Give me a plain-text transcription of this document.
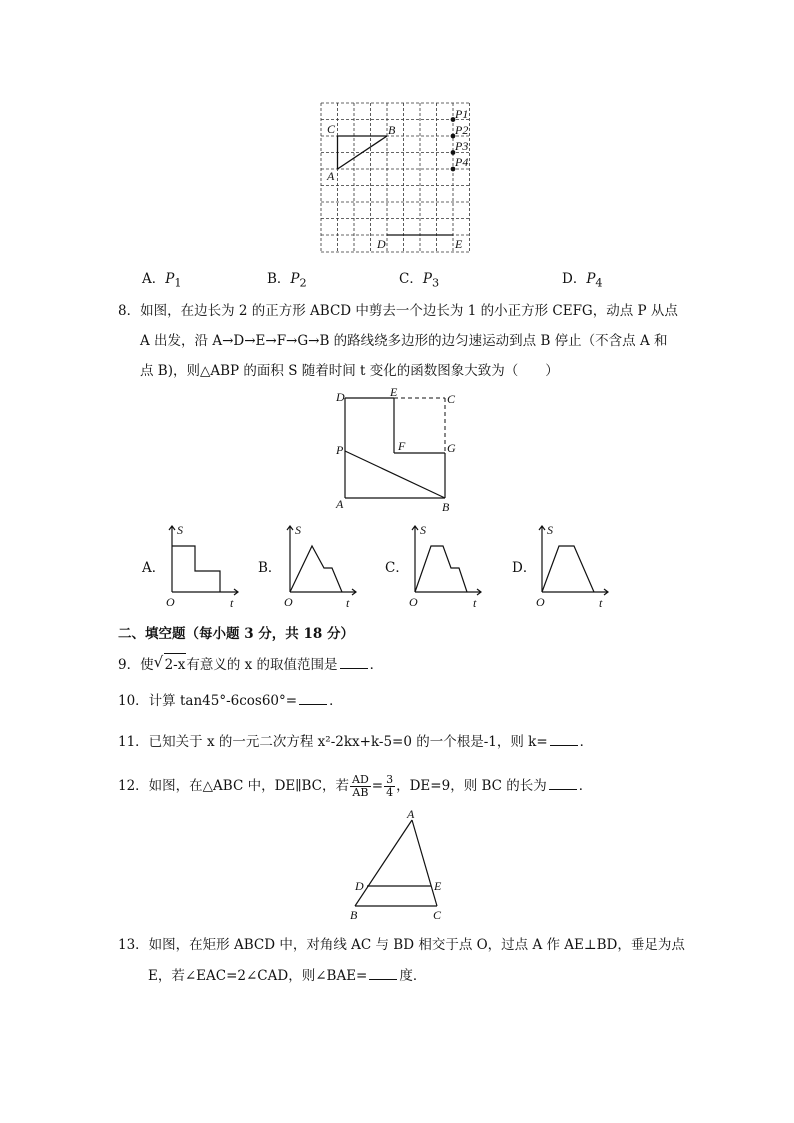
C	B
A
D	E
P1
P2
P3
P4
A．$P_1$	B．$P_2$	C．$P_3$	D．$P_4$
8．如图，在边长为 2 的正方形 ABCD 中剪去一个边长为 1 的小正方形 CEFG，动点 P 从点
A 出发，沿 A→D→E→F→G→B 的路线绕多边形的边匀速运动到点 B 停止（不含点 A 和
点 B)，则△ABP 的面积 S 随着时间 t 变化的函数图象大致为（　　）
D	E	C
P	F	G
A	B
A．
S
O	t
B．
S
O	t
C．
S
O	t
D．
S
O	t
二、填空题（每小题 3 分，共 18 分）
9．使√ 2-x有意义的 x 的取值范围是 ．
10．计算 tan45°-6cos60°= ．
11．已知关于 x 的一元二次方程 x²-2kx+k-5=0 的一个根是-1，则 k= ．
12．如图，在△ABC 中，DE∥BC，若 $\frac{AD}{AB} = \frac{3}{4}$ ，DE=9，则 BC 的长为 ．
A
D	E
B	C
13．如图，在矩形 ABCD 中，对角线 AC 与 BD 相交于点 O，过点 A 作 AE⊥BD，垂足为点
E，若∠EAC=2∠CAD，则∠BAE= 度．
